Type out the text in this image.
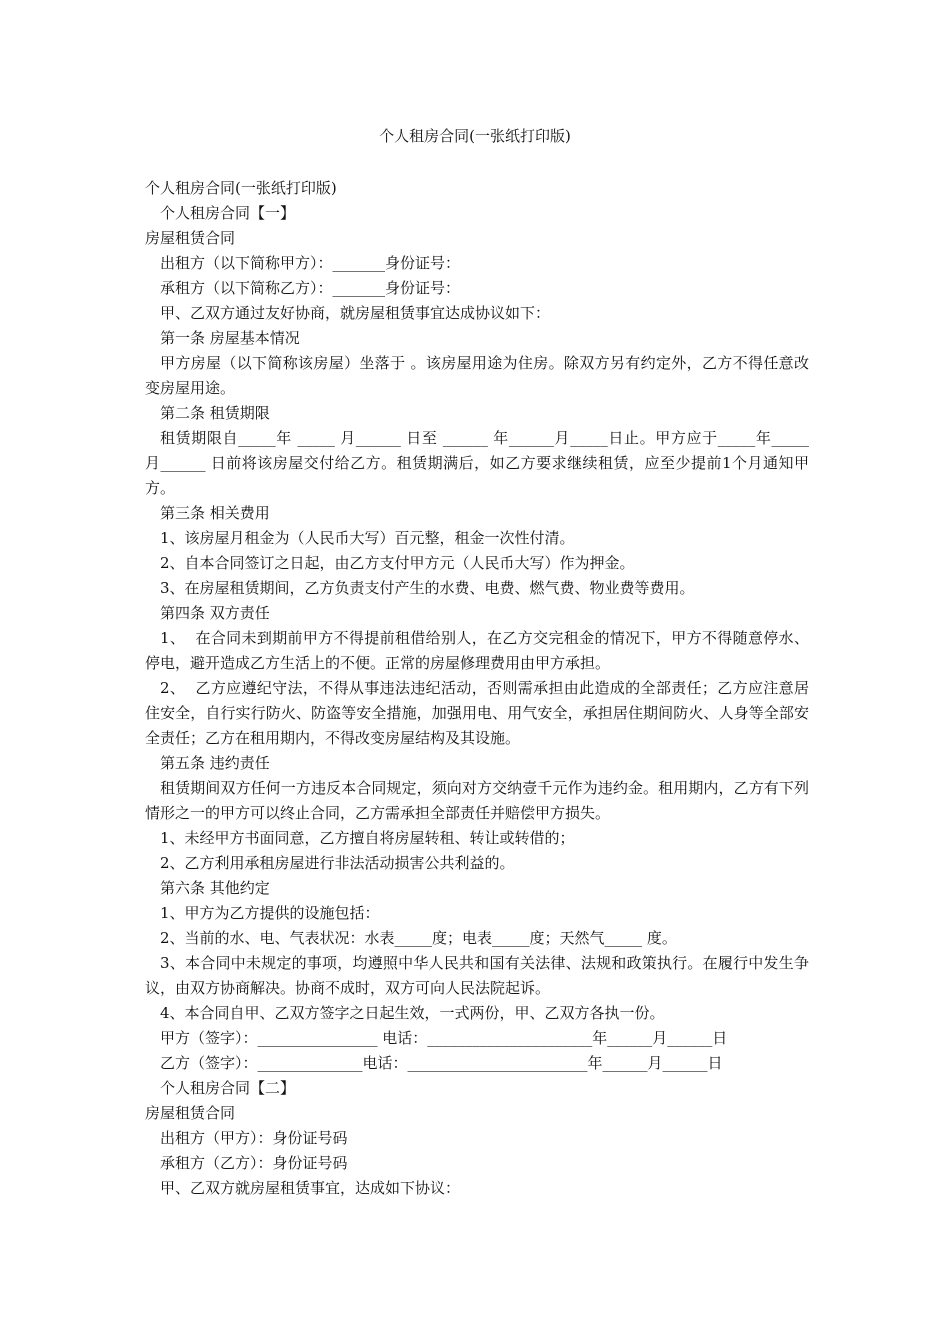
个人租房合同(一张纸打印版)

个人租房合同(一张纸打印版)

个人租房合同【一】

房屋租赁合同

出租方（以下简称甲方）：_______身份证号：

承租方（以下简称乙方）：_______身份证号：

甲、乙双方通过友好协商，就房屋租赁事宜达成协议如下：

第一条 房屋基本情况

甲方房屋（以下简称该房屋）坐落于 。该房屋用途为住房。除双方另有约定外，乙方不得任意改变房屋用途。

第二条 租赁期限

租赁期限自_____年 _____ 月______ 日至 ______ 年______月_____日止。甲方应于_____年_____ 月______ 日前将该房屋交付给乙方。租赁期满后，如乙方要求继续租赁，应至少提前1个月通知甲方。

第三条 相关费用

1、该房屋月租金为（人民币大写）百元整，租金一次性付清。

2、自本合同签订之日起，由乙方支付甲方元（人民币大写）作为押金。

3、在房屋租赁期间，乙方负责支付产生的水费、电费、燃气费、物业费等费用。

第四条 双方责任

1、  在合同未到期前甲方不得提前租借给别人，在乙方交完租金的情况下，甲方不得随意停水、停电，避开造成乙方生活上的不便。正常的房屋修理费用由甲方承担。

2、  乙方应遵纪守法，不得从事违法违纪活动，否则需承担由此造成的全部责任；乙方应注意居住安全，自行实行防火、防盗等安全措施，加强用电、用气安全，承担居住期间防火、人身等全部安全责任；乙方在租用期内，不得改变房屋结构及其设施。

第五条 违约责任

租赁期间双方任何一方违反本合同规定，须向对方交纳壹千元作为违约金。租用期内，乙方有下列情形之一的甲方可以终止合同，乙方需承担全部责任并赔偿甲方损失。

1、未经甲方书面同意，乙方擅自将房屋转租、转让或转借的；

2、乙方利用承租房屋进行非法活动损害公共利益的。

第六条 其他约定

1、甲方为乙方提供的设施包括：

2、当前的水、电、气表状况：水表_____度；电表_____度；天然气_____ 度。

3、本合同中未规定的事项，均遵照中华人民共和国有关法律、法规和政策执行。在履行中发生争议，由双方协商解决。协商不成时，双方可向人民法院起诉。

4、本合同自甲、乙双方签字之日起生效，一式两份，甲、乙双方各执一份。

甲方（签字）：________________ 电话：______________________年______月______日

乙方（签字）：______________电话：________________________年______月______日

个人租房合同【二】

房屋租赁合同

出租方（甲方）：身份证号码

承租方（乙方）：身份证号码

甲、乙双方就房屋租赁事宜，达成如下协议：
